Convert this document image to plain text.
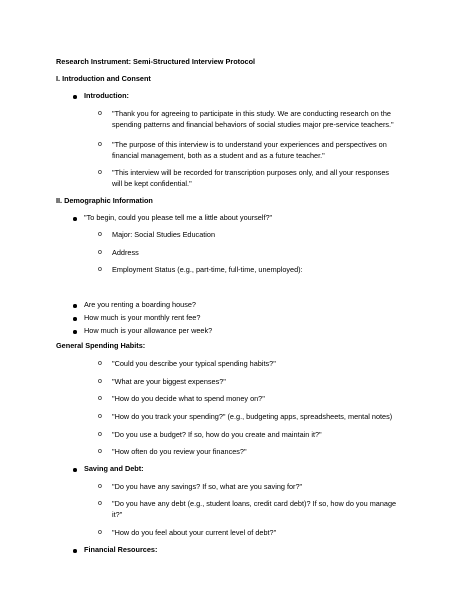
Research Instrument: Semi-Structured Interview Protocol
I. Introduction and Consent
Introduction:
o "Thank you for agreeing to participate in this study. We are conducting research on the
spending patterns and financial behaviors of social studies major pre-service teachers."
o "The purpose of this interview is to understand your experiences and perspectives on
financial management, both as a student and as a future teacher."
o "This interview will be recorded for transcription purposes only, and all your responses
will be kept confidential."
II. Demographic Information
"To begin, could you please tell me a little about yourself?"
o Major: Social Studies Education
o Address
o Employment Status (e.g., part-time, full-time, unemployed):
Are you renting a boarding house?
How much is your monthly rent fee?
How much is your allowance per week?
General Spending Habits:
o "Could you describe your typical spending habits?"
o "What are your biggest expenses?"
o "How do you decide what to spend money on?"
o "How do you track your spending?" (e.g., budgeting apps, spreadsheets, mental notes)
o "Do you use a budget? If so, how do you create and maintain it?"
o "How often do you review your finances?"
Saving and Debt:
o "Do you have any savings? If so, what are you saving for?"
o "Do you have any debt (e.g., student loans, credit card debt)? If so, how do you manage
it?"
o "How do you feel about your current level of debt?"
Financial Resources:
